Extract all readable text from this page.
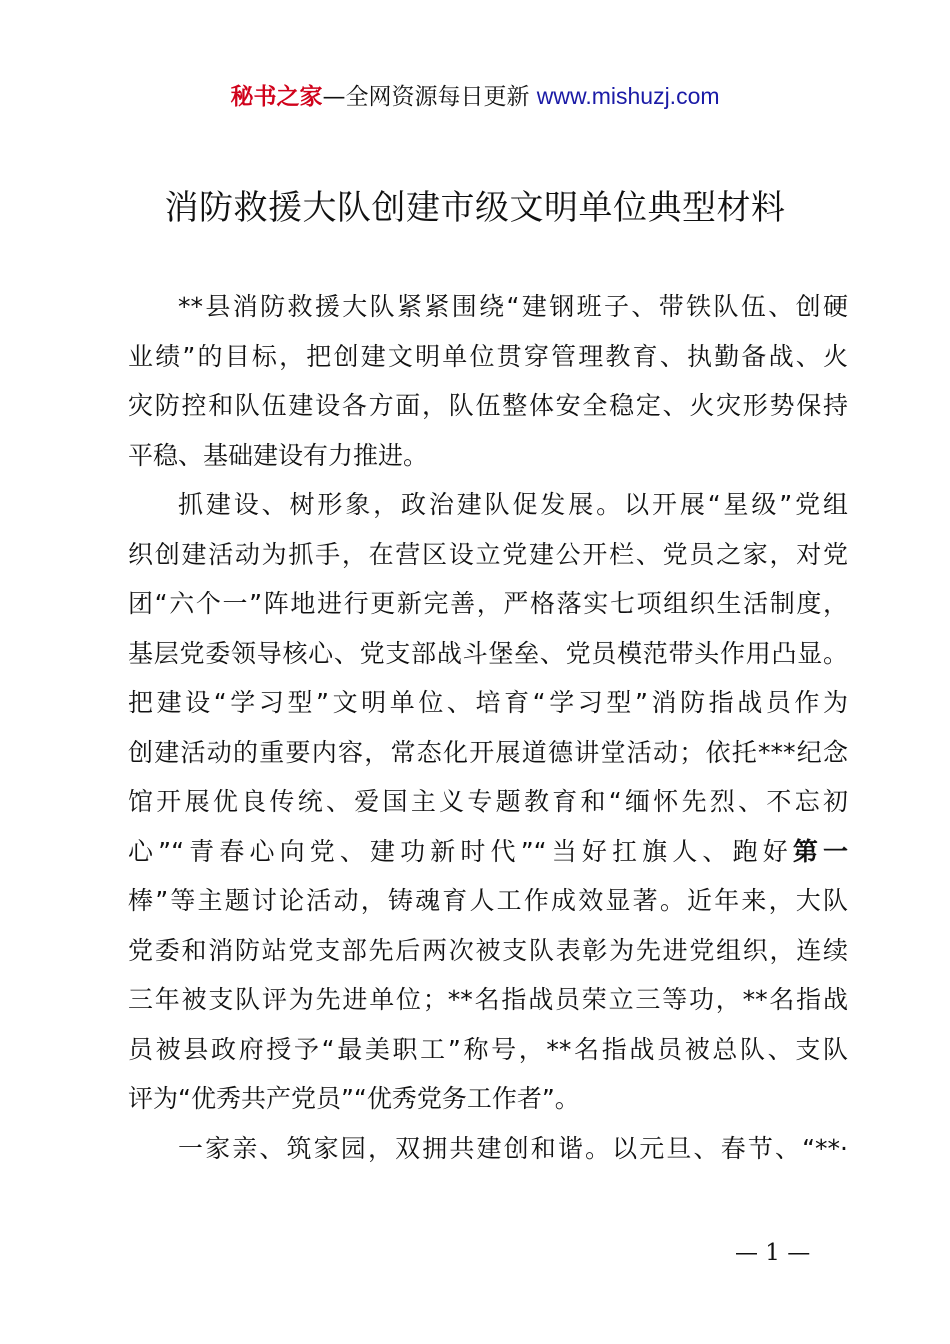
秘书之家—全网资源每日更新 www.mishuzj.com
消防救援大队创建市级文明单位典型材料
**县消防救援大队紧紧围绕“建钢班子、带铁队伍、创硬
业绩”的目标，把创建文明单位贯穿管理教育、执勤备战、火
灾防控和队伍建设各方面，队伍整体安全稳定、火灾形势保持
平稳、基础建设有力推进。
抓建设、树形象，政治建队促发展。以开展“星级”党组
织创建活动为抓手，在营区设立党建公开栏、党员之家，对党
团“六个一”阵地进行更新完善，严格落实七项组织生活制度，
基层党委领导核心、党支部战斗堡垒、党员模范带头作用凸显。
把建设“学习型”文明单位、培育“学习型”消防指战员作为
创建活动的重要内容，常态化开展道德讲堂活动；依托***纪念
馆开展优良传统、爱国主义专题教育和“缅怀先烈、不忘初
心”“青春心向党、建功新时代”“当好扛旗人、跑好第一
棒”等主题讨论活动，铸魂育人工作成效显著。近年来，大队
党委和消防站党支部先后两次被支队表彰为先进党组织，连续
三年被支队评为先进单位；**名指战员荣立三等功，**名指战
员被县政府授予“最美职工”称号，**名指战员被总队、支队
评为“优秀共产党员”“优秀党务工作者”。
一家亲、筑家园，双拥共建创和谐。以元旦、春节、“**·
— 1 —
